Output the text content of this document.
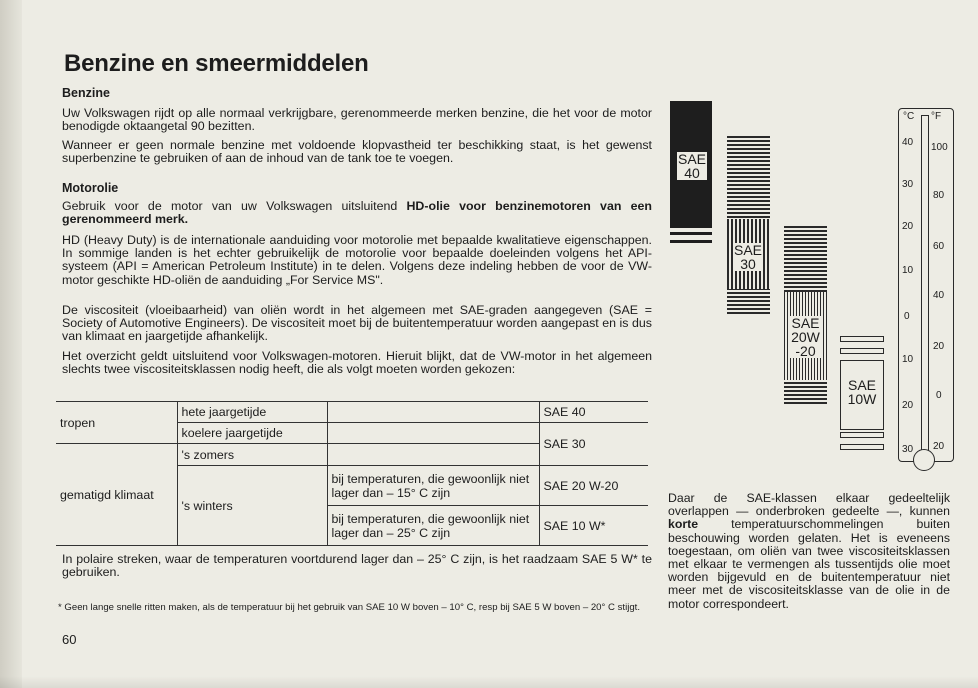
Benzine en smeermiddelen
Benzine
Uw Volkswagen rijdt op alle normaal verkrijgbare, gerenommeerde merken benzine, die het voor de motor benodigde oktaangetal 90 bezitten.
Wanneer er geen normale benzine met voldoende klopvastheid ter beschikking staat, is het gewenst superbenzine te gebruiken of aan de inhoud van de tank toe te voegen.
Motorolie
Gebruik voor de motor van uw Volkswagen uitsluitend HD-olie voor benzinemotoren van een gerenommeerd merk.
HD (Heavy Duty) is de internationale aanduiding voor motorolie met bepaalde kwalitatieve eigenschappen. In sommige landen is het echter gebruikelijk de motorolie voor bepaalde doeleinden volgens het API-systeem (API = American Petroleum Institute) in te delen. Volgens deze indeling hebben de voor de VW-motor geschikte HD-oliën de aanduiding „For Service MS".
De viscositeit (vloeibaarheid) van oliën wordt in het algemeen met SAE-graden aangegeven (SAE = Society of Automotive Engineers). De viscositeit moet bij de buitentemperatuur worden aangepast en is dus van klimaat en jaargetijde afhankelijk.
Het overzicht geldt uitsluitend voor Volkswagen-motoren. Hieruit blijkt, dat de VW-motor in het algemeen slechts twee viscositeitsklassen nodig heeft, die als volgt moeten worden gekozen:
tropen	hete jaargetijde		SAE 40
	koelere jaargetijde		SAE 30
gematigd klimaat	's zomers		
	's winters	bij temperaturen, die gewoonlijk niet lager dan – 15° C zijn	SAE 20 W-20
		bij temperaturen, die gewoonlijk niet lager dan – 25° C zijn	SAE 10 W*
In polaire streken, waar de temperaturen voortdurend lager dan – 25° C zijn, is het raadzaam SAE 5 W* te gebruiken.
* Geen lange snelle ritten maken, als de temperatuur bij het gebruik van SAE 10 W boven – 10° C, resp bij SAE 5 W boven – 20° C stijgt.
60
SAE
40
SAE
30
SAE
20W
-20
SAE
10W
°C °F
40
30
20
10
0
10
20
30
100
80
60
40
20
0
20
Daar de SAE-klassen elkaar gedeeltelijk overlappen — onderbroken gedeelte —, kunnen korte temperatuurschommelingen buiten beschouwing worden gelaten. Het is eveneens toegestaan, om oliën van twee viscositeitsklassen met elkaar te vermengen als tussentijds olie moet worden bijgevuld en de buitentemperatuur niet meer met de viscositeitsklasse van de olie in de motor correspondeert.
